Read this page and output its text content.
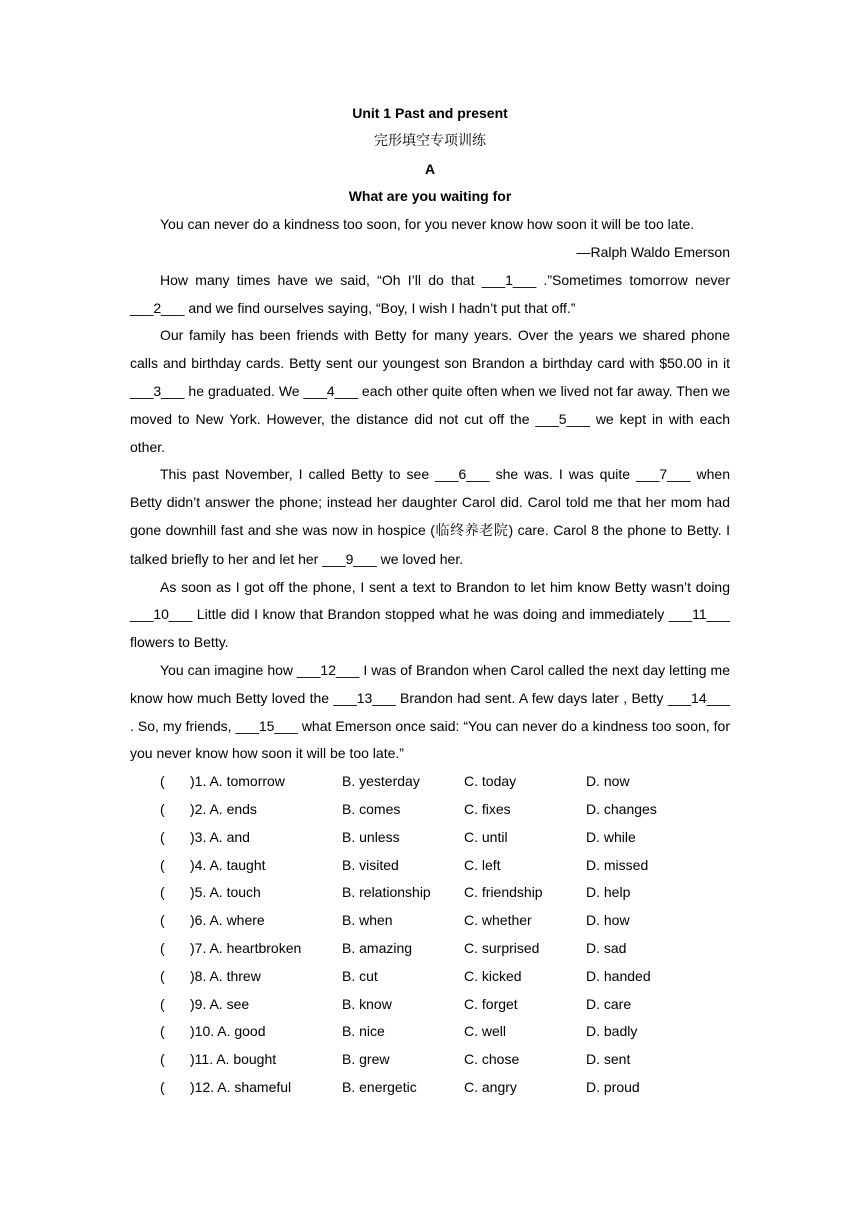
Unit 1 Past and present

完形填空专项训练

A

What are you waiting for

You can never do a kindness too soon, for you never know how soon it will be too late.

—Ralph Waldo Emerson

How many times have we said, “Oh I’ll do that ___1___ .”Sometimes tomorrow never ___2___ and we find ourselves saying, “Boy, I wish I hadn’t put that off.”

Our family has been friends with Betty for many years. Over the years we shared phone calls and birthday cards. Betty sent our youngest son Brandon a birthday card with $50.00 in it ___3___ he graduated. We ___4___ each other quite often when we lived not far away. Then we moved to New York. However, the distance did not cut off the ___5___ we kept in with each other.

This past November, I called Betty to see ___6___ she was. I was quite ___7___ when Betty didn’t answer the phone; instead her daughter Carol did. Carol told me that her mom had gone downhill fast and she was now in hospice (临终养老院) care. Carol 8 the phone to Betty. I talked briefly to her and let her ___9___ we loved her.

As soon as I got off the phone, I sent a text to Brandon to let him know Betty wasn’t doing ___10___ Little did I know that Brandon stopped what he was doing and immediately ___11___ flowers to Betty.

You can imagine how ___12___ I was of Brandon when Carol called the next day letting me know how much Betty loved the ___13___ Brandon had sent. A few days later , Betty ___14___ . So, my friends, ___15___ what Emerson once said: “You can never do a kindness too soon, for you never know how soon it will be too late.”

(	)1. A. tomorrow	B. yesterday	C. today	D. now
(	)2. A. ends	B. comes	C. fixes	D. changes
(	)3. A. and	B. unless	C. until	D. while
(	)4. A. taught	B. visited	C. left	D. missed
(	)5. A. touch	B. relationship	C. friendship	D. help
(	)6. A. where	B. when	C. whether	D. how
(	)7. A. heartbroken	B. amazing	C. surprised	D. sad
(	)8. A. threw	B. cut	C. kicked	D. handed
(	)9. A. see	B. know	C. forget	D. care
(	)10. A. good	B. nice	C. well	D. badly
(	)11. A. bought	B. grew	C. chose	D. sent
(	)12. A. shameful	B. energetic	C. angry	D. proud
